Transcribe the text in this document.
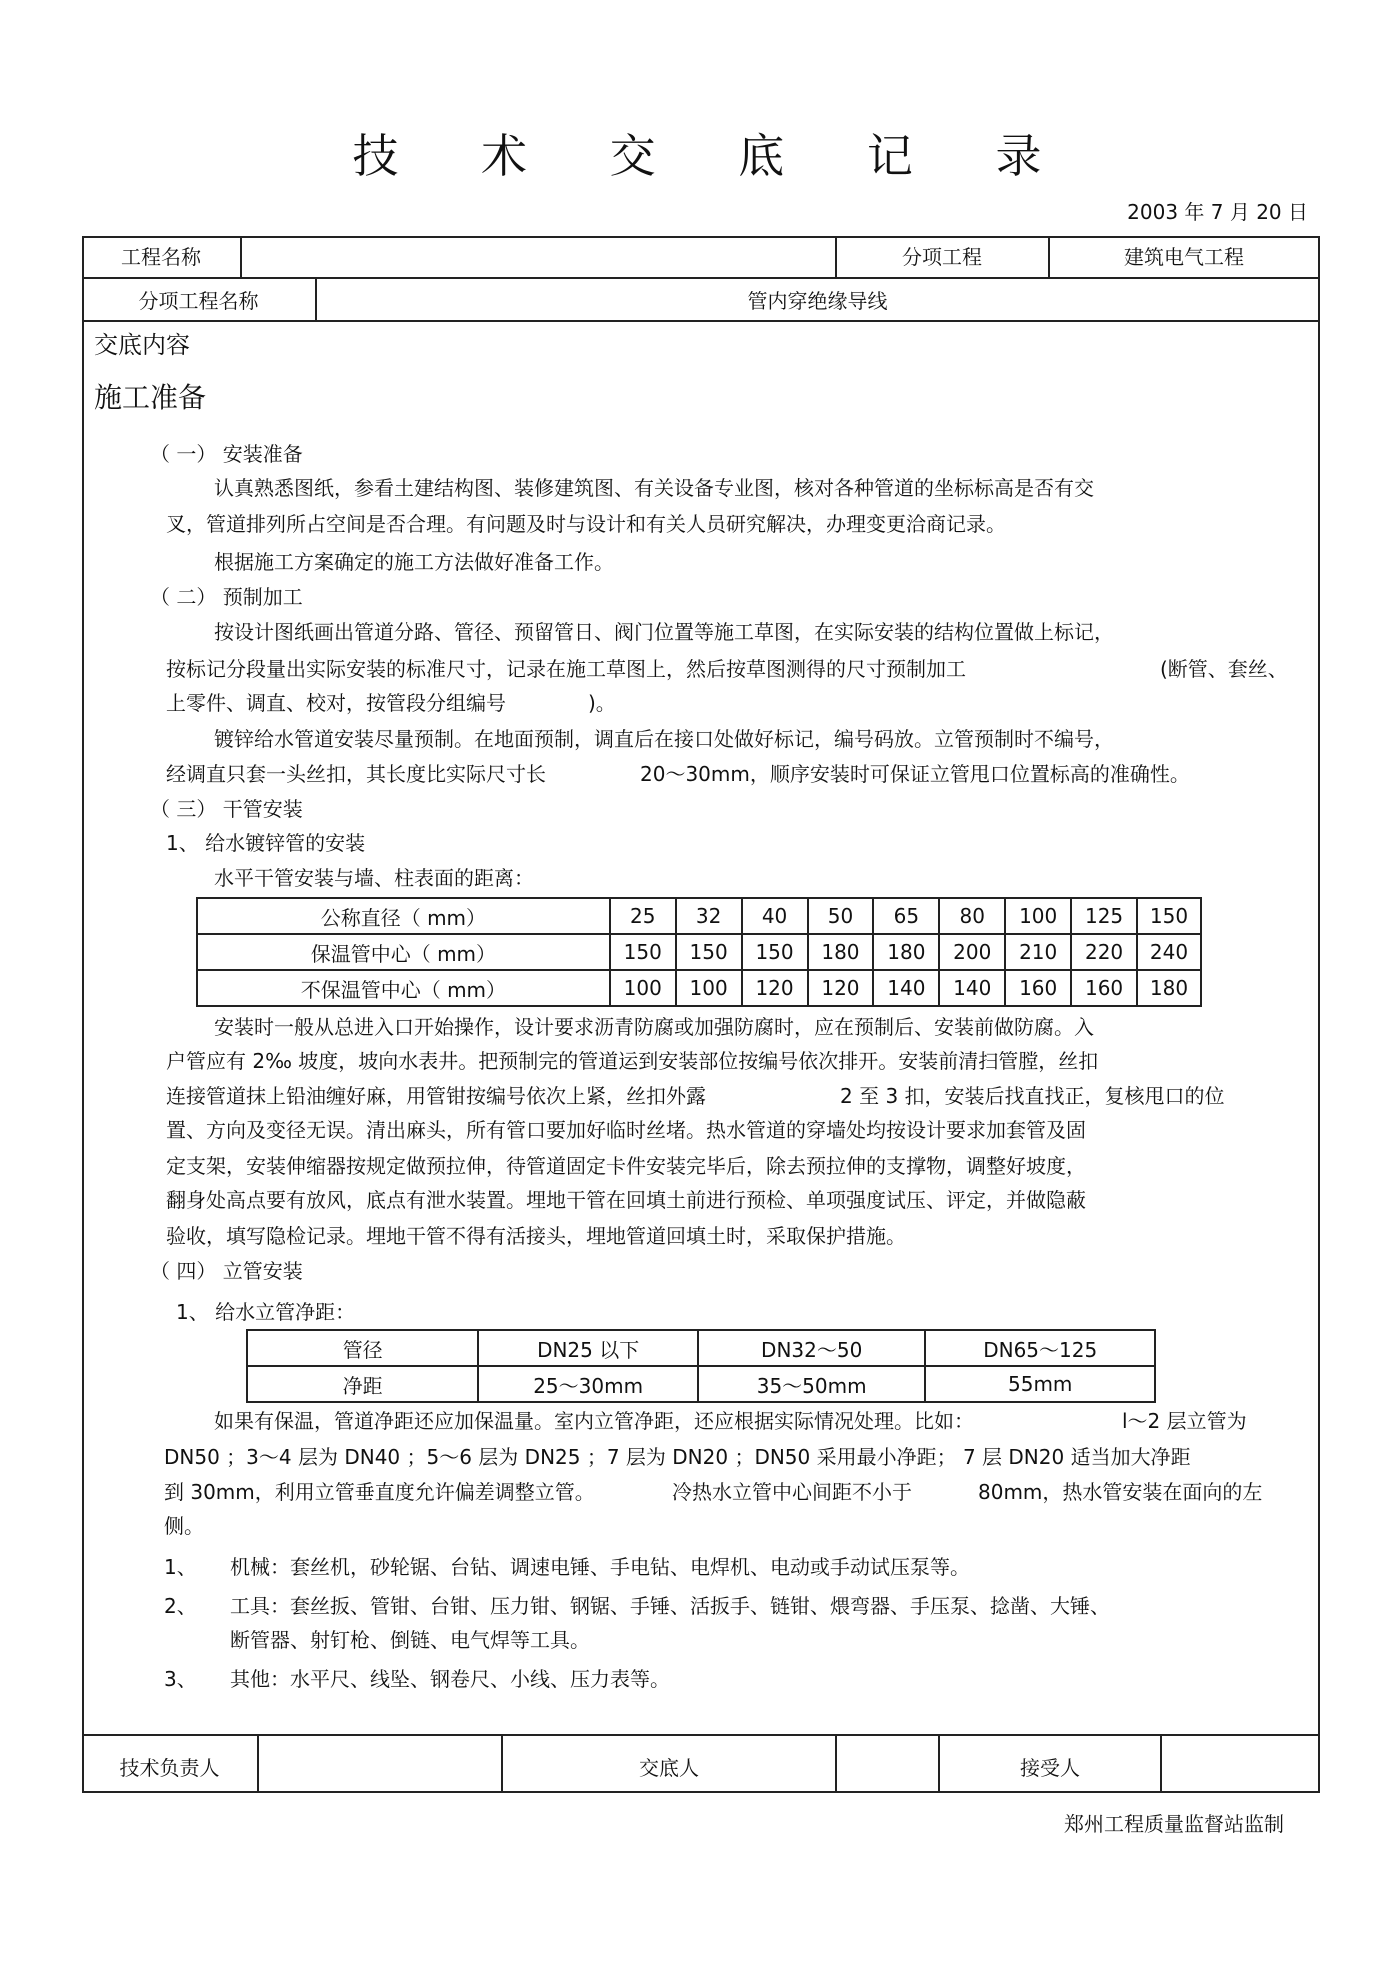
技 术 交 底 记 录
2003 年 7 月 20 日
工程名称	分项工程	建筑电气工程
分项工程名称	管内穿绝缘导线
交底内容
施工准备
（ 一） 安装准备
认真熟悉图纸，参看土建结构图、装修建筑图、有关设备专业图，核对各种管道的坐标标高是否有交
叉，管道排列所占空间是否合理。有问题及时与设计和有关人员研究解决，办理变更洽商记录。
根据施工方案确定的施工方法做好准备工作。
（ 二） 预制加工
按设计图纸画出管道分路、管径、预留管日、阀门位置等施工草图，在实际安装的结构位置做上标记，
按标记分段量出实际安装的标准尺寸，记录在施工草图上，然后按草图测得的尺寸预制加工	(断管、套丝、
上零件、调直、校对，按管段分组编号	)。
镀锌给水管道安装尽量预制。在地面预制，调直后在接口处做好标记，编号码放。立管预制时不编号，
经调直只套一头丝扣，其长度比实际尺寸长	20～30mm，顺序安装时可保证立管甩口位置标高的准确性。
（ 三） 干管安装
1、 给水镀锌管的安装
水平干管安装与墙、柱表面的距离：
公称直径（ mm）	25	32	40	50	65	80	100	125	150
保温管中心（ mm）	150	150	150	180	180	200	210	220	240
不保温管中心（ mm）	100	100	120	120	140	140	160	160	180
安装时一般从总进入口开始操作，设计要求沥青防腐或加强防腐时，应在预制后、安装前做防腐。入
户管应有 2‰ 坡度，坡向水表井。把预制完的管道运到安装部位按编号依次排开。安装前清扫管膛，丝扣
连接管道抹上铅油缠好麻，用管钳按编号依次上紧，丝扣外露	2 至 3 扣，安装后找直找正，复核甩口的位
置、方向及变径无误。清出麻头，所有管口要加好临时丝堵。热水管道的穿墙处均按设计要求加套管及固
定支架，安装伸缩器按规定做预拉伸，待管道固定卡件安装完毕后，除去预拉伸的支撑物，调整好坡度，
翻身处高点要有放风，底点有泄水装置。埋地干管在回填土前进行预检、单项强度试压、评定，并做隐蔽
验收，填写隐检记录。埋地干管不得有活接头，埋地管道回填土时，采取保护措施。
（ 四） 立管安装
1、 给水立管净距：
管径	DN25 以下	DN32～50	DN65～125
净距	25～30mm	35～50mm	55mm
如果有保温，管道净距还应加保温量。室内立管净距，还应根据实际情况处理。比如：	l～2 层立管为
DN50 ；3～4 层为 DN40 ；5～6 层为 DN25 ；7 层为 DN20 ；DN50 采用最小净距； 7 层 DN20 适当加大净距
到 30mm，利用立管垂直度允许偏差调整立管。	冷热水立管中心间距不小于	80mm，热水管安装在面向的左
侧。
1、 机械：套丝机，砂轮锯、台钻、调速电锤、手电钻、电焊机、电动或手动试压泵等。
2、 工具：套丝扳、管钳、台钳、压力钳、钢锯、手锤、活扳手、链钳、煨弯器、手压泵、捻凿、大锤、
断管器、射钉枪、倒链、电气焊等工具。
3、 其他：水平尺、线坠、钢卷尺、小线、压力表等。
技术负责人	交底人	接受人
郑州工程质量监督站监制
